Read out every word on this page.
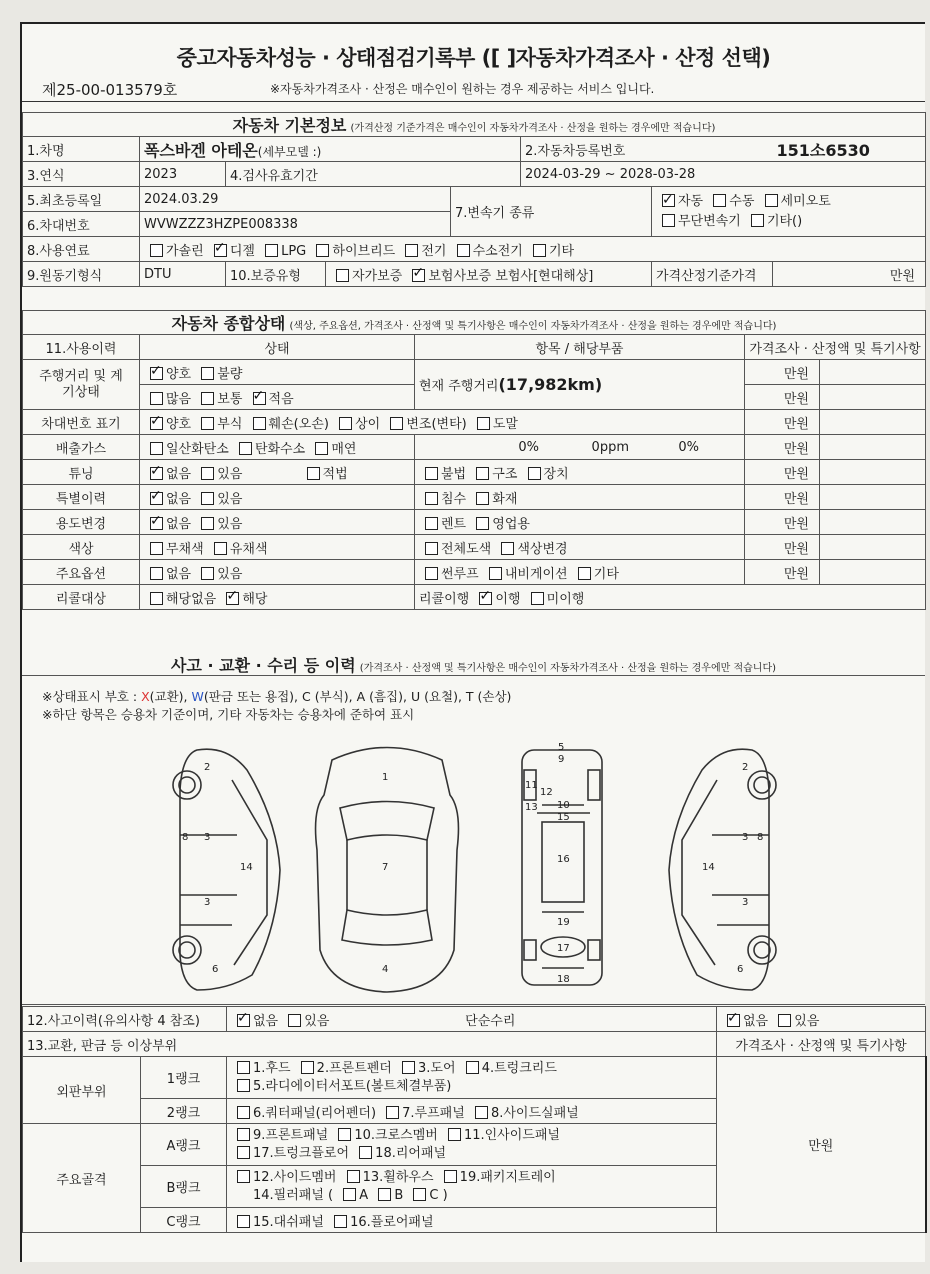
중고자동차성능 · 상태점검기록부 ([ ]자동차가격조사 · 산정 선택)
제25-00-013579호	※자동차가격조사 · 산정은 매수인이 원하는 경우 제공하는 서비스 입니다.
자동차 기본정보 (가격산정 기준가격은 매수인이 자동차가격조사 · 산정을 원하는 경우에만 적습니다)							
1.차명	폭스바겐 아테온(세부모델 :)				2.자동차등록번호		151소6530
3.연식	2023	4.검사유효기간			2024-03-29 ~ 2028-03-28		
5.최초등록일	2024.03.29			7.변속기 종류	✓자동 수동 세미오토
무단변속기 기타()
6.차대번호	WVWZZZ3HZPE008338						
8.사용연료	가솔린 ✓ 디젤 LPG 하이브리드 전기 수소전기 기타
9.원동기형식	DTU	10.보증유형	자가보증 ✓ 보험사보증 보험사[현대해상]			가격산정기준가격	만원
자동차 종합상태 (색상, 주요옵션, 가격조사 · 산정액 및 특기사항은 매수인이 자동차가격조사 · 산정을 원하는 경우에만 적습니다)				
11.사용이력	상태	항목 / 해당부품	가격조사 · 산정액 및 특기사항	
주행거리 및 계기상태	✓양호 불량	현재 주행거리(17,982km)	만원	
	많음 보통 ✓ 적음		만원	
차대번호 표기	✓양호 부식 훼손(오손) 상이 변조(변타) 도말		만원	
배출가스	일산화탄소 탄화수소 매연	0% 0ppm 0%	만원	
튜닝	✓없음 있음 적법	불법 구조 장치	만원	
특별이력	✓없음 있음	침수 화재	만원	
용도변경	✓없음 있음	렌트 영업용	만원	
색상	무채색 유채색	전체도색 색상변경	만원	
주요옵션	없음 있음	썬루프 내비게이션 기타	만원	
리콜대상	해당없음 ✓ 해당	리콜이행 ✓ 이행 미이행
사고 · 교환 · 수리 등 이력 (가격조사 · 산정액 및 특기사항은 매수인이 자동차가격조사 · 산정을 원하는 경우에만 적습니다)
※상태표시 부호 : X(교환), W(판금 또는 용접), C (부식), A (흠집), U (요철), T (손상)
※하단 항목은 승용차 기준이며, 기타 자동차는 승용차에 준하여 표시
2
3
3
8
14
6
1
7
4
5
9
11
12
13 10
15
16
19
17
18
2
3 8
3
14
6
12.사고이력(유의사항 4 참조)	✓없음 있음 단순수리	✓없음 있음
13.교환, 판금 등 이상부위			가격조사 · 산정액 및 특기사항
외판부위	1랭크	1.후드 2.프론트펜더 3.도어 4.트렁크리드
5.라디에이터서포트(볼트체결부품)	만원
	2랭크	6.쿼터패널(리어펜더) 7.루프패널 8.사이드실패널	
주요골격	A랭크	9.프론트패널 10.크로스멤버 11.인사이드패널
17.트렁크플로어 18.리어패널	
	B랭크	12.사이드멤버 13.휠하우스 19.패키지트레이
14.필러패널 ( A B C )	
	C랭크	15.대쉬패널 16.플로어패널	
